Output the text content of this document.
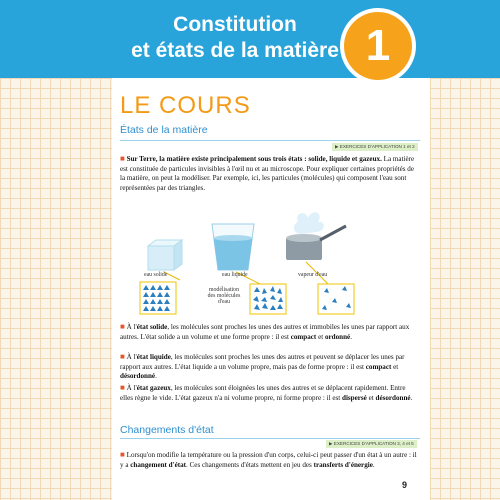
Constitution
et états de la matière 1
LE COURS
États de la matière
▶ EXERCICES D'APPLICATION 1 et 2
■ Sur Terre, la matière existe principalement sous trois états : solide, liquide et gazeux. La matière est constituée de particules invisibles à l'œil nu et au microscope. Pour expliquer certaines propriétés de la matière, on peut la modéliser. Par exemple, ici, les particules (molécules) qui composent l'eau sont représentées par des triangles.
eau solide	eau liquide	vapeur d'eau
modélisation
des molécules
d'eau
■ À l'état solide, les molécules sont proches les unes des autres et immobiles les unes par rapport aux autres. L'état solide a un volume et une forme propre : il est compact et ordonné.
■ À l'état liquide, les molécules sont proches les unes des autres et peuvent se déplacer les unes par rapport aux autres. L'état liquide a un volume propre, mais pas de forme propre : il est compact et désordonné.
■ À l'état gazeux, les molécules sont éloignées les unes des autres et se déplacent rapidement. Entre elles règne le vide. L'état gazeux n'a ni volume propre, ni forme propre : il est dispersé et désordonné.
Changements d'état
▶ EXERCICES D'APPLICATION 3, 4 et 5
■ Lorsqu'on modifie la température ou la pression d'un corps, celui-ci peut passer d'un état à un autre : il y a changement d'état. Ces changements d'états mettent en jeu des transferts d'énergie.
9
